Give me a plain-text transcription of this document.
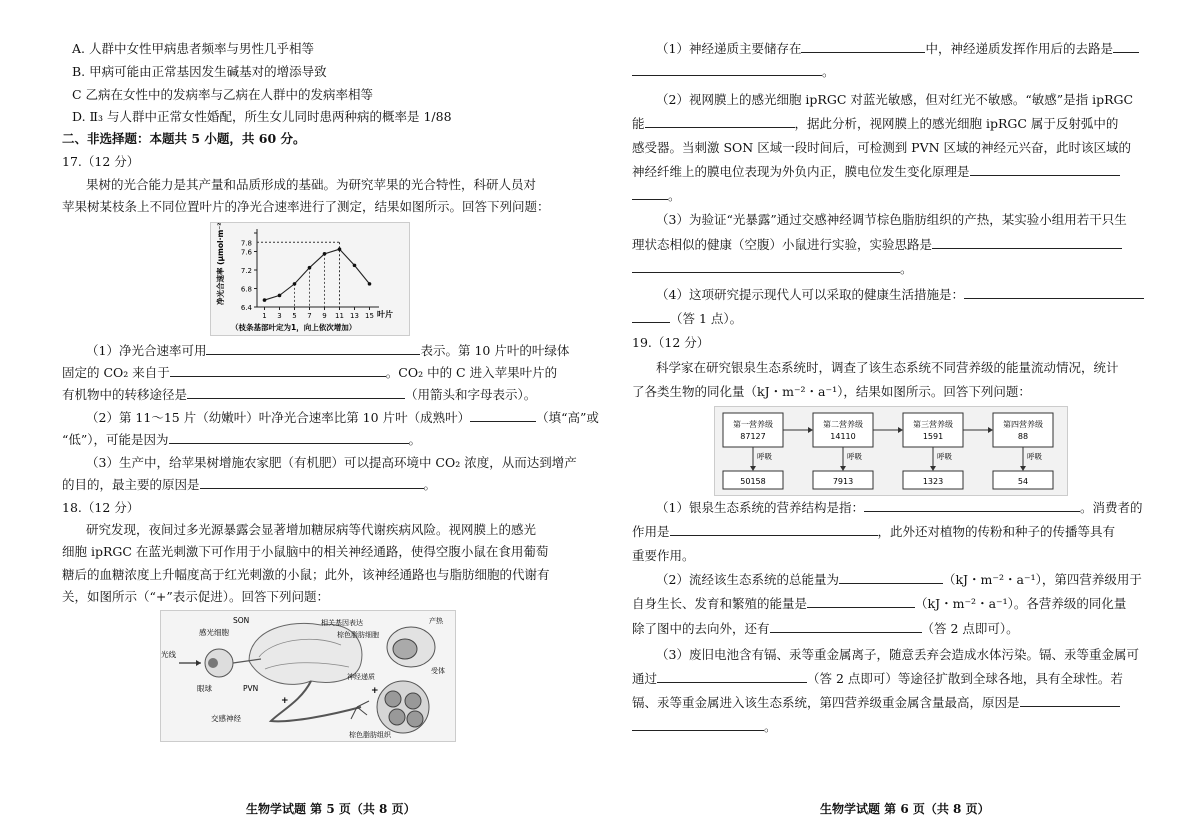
A. 人群中女性甲病患者频率与男性几乎相等
B. 甲病可能由正常基因发生碱基对的增添导致
C 乙病在女性中的发病率与乙病在人群中的发病率相等
D. Ⅱ₃ 与人群中正常女性婚配，所生女儿同时患两种病的概率是 1/88
二、非选择题：本题共 5 小题，共 60 分。
17.（12 分）
果树的光合能力是其产量和品质形成的基础。为研究苹果的光合特性，科研人员对
苹果树某枝条上不同位置叶片的净光合速率进行了测定，结果如图所示。回答下列问题：
净光合速率 (μmol·m⁻²·s⁻¹)
叶片
（枝条基部叶定为1，向上依次增加）
6.4
6.8
7.2
7.6
1 3 5 7 9 11 13 15
7.8
（1）净光合速率可用	表示。第 10 片叶的叶绿体
固定的 CO₂ 来自于	。CO₂ 中的 C 进入苹果叶片的
有机物中的转移途径是	（用箭头和字母表示）。
（2）第 11～15 片（幼嫩叶）叶净光合速率比第 10 片叶（成熟叶）	（填“高”或
“低”），可能是因为	。
（3）生产中，给苹果树增施农家肥（有机肥）可以提高环境中 CO₂ 浓度，从而达到增产
的目的，最主要的原因是	。
18.（12 分）
研究发现，夜间过多光源暴露会显著增加糖尿病等代谢疾病风险。视网膜上的感光
细胞 ipRGC 在蓝光刺激下可作用于小鼠脑中的相关神经通路，使得空腹小鼠在食用葡萄
糖后的血糖浓度上升幅度高于红光刺激的小鼠；此外，该神经通路也与脂肪细胞的代谢有
关，如图所示（“+”表示促进）。回答下列问题：
SON
感光细胞
光线
眼球	PVN
交感神经
相关基因表达
棕色脂肪细胞
产热
神经递质
受体
棕色脂肪组织
+
+
生物学试题 第 5 页（共 8 页）
（1）神经递质主要储存在	中，神经递质发挥作用后的去路是
。
（2）视网膜上的感光细胞 ipRGC 对蓝光敏感，但对红光不敏感。“敏感”是指 ipRGC
能	，据此分析，视网膜上的感光细胞 ipRGC 属于反射弧中的
感受器。当刺激 SON 区域一段时间后，可检测到 PVN 区域的神经元兴奋，此时该区域的
神经纤维上的膜电位表现为外负内正，膜电位发生变化原理是
。
（3）为验证“光暴露”通过交感神经调节棕色脂肪组织的产热，某实验小组用若干只生
理状态相似的健康（空腹）小鼠进行实验，实验思路是
。
（4）这项研究提示现代人可以采取的健康生活措施是：
（答 1 点）。
19.（12 分）
科学家在研究银泉生态系统时，调查了该生态系统不同营养级的能量流动情况，统计
了各类生物的同化量（kJ・m⁻²・a⁻¹），结果如图所示。回答下列问题：
第一营养级
87127
50158
呼吸
第二营养级
14110
7913
呼吸
第三营养级
1591
1323
呼吸
第四营养级
88
54
呼吸
（1）银泉生态系统的营养结构是指：	。消费者的
作用是	，此外还对植物的传粉和种子的传播等具有
重要作用。
（2）流经该生态系统的总能量为	（kJ・m⁻²・a⁻¹），第四营养级用于
自身生长、发育和繁殖的能量是	（kJ・m⁻²・a⁻¹）。各营养级的同化量
除了图中的去向外，还有	（答 2 点即可）。
（3）废旧电池含有镉、汞等重金属离子，随意丢弃会造成水体污染。镉、汞等重金属可
通过	（答 2 点即可）等途径扩散到全球各地，具有全球性。若
镉、汞等重金属进入该生态系统，第四营养级重金属含量最高，原因是
。
生物学试题 第 6 页（共 8 页）
